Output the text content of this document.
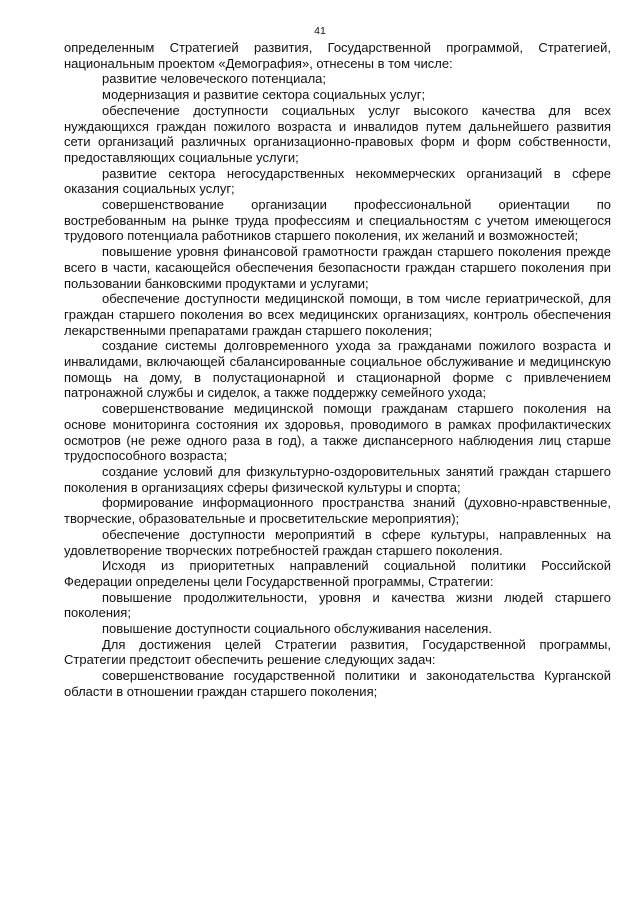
41

определенным Стратегией развития, Государственной программой, Стратегией, национальным проектом «Демография», отнесены в том числе:

развитие человеческого потенциала;

модернизация и развитие сектора социальных услуг;

обеспечение доступности социальных услуг высокого качества для всех нуждающихся граждан пожилого возраста и инвалидов путем дальнейшего развития сети организаций различных организационно-правовых форм и форм собственности, предоставляющих социальные услуги;

развитие сектора негосударственных некоммерческих организаций в сфере оказания социальных услуг;

совершенствование организации профессиональной ориентации по востребованным на рынке труда профессиям и специальностям с учетом имеющегося трудового потенциала работников старшего поколения, их желаний и возможностей;

повышение уровня финансовой грамотности граждан старшего поколения прежде всего в части, касающейся обеспечения безопасности граждан старшего поколения при пользовании банковскими продуктами и услугами;

обеспечение доступности медицинской помощи, в том числе гериатрической, для граждан старшего поколения во всех медицинских организациях, контроль обеспечения лекарственными препаратами граждан старшего поколения;

создание системы долговременного ухода за гражданами пожилого возраста и инвалидами, включающей сбалансированные социальное обслуживание и медицинскую помощь на дому, в полустационарной и стационарной форме с привлечением патронажной службы и сиделок, а также поддержку семейного ухода;

совершенствование медицинской помощи гражданам старшего поколения на основе мониторинга состояния их здоровья, проводимого в рамках профилактических осмотров (не реже одного раза в год), а также диспансерного наблюдения лиц старше трудоспособного возраста;

создание условий для физкультурно-оздоровительных занятий граждан старшего поколения в организациях сферы физической культуры и спорта;

формирование информационного пространства знаний (духовно-нравственные, творческие, образовательные и просветительские мероприятия);

обеспечение доступности мероприятий в сфере культуры, направленных на удовлетворение творческих потребностей граждан старшего поколения.

Исходя из приоритетных направлений социальной политики Российской Федерации определены цели Государственной программы, Стратегии:

повышение продолжительности, уровня и качества жизни людей старшего поколения;

повышение доступности социального обслуживания населения.

Для достижения целей Стратегии развития, Государственной программы, Стратегии предстоит обеспечить решение следующих задач:

совершенствование государственной политики и законодательства Курганской области в отношении граждан старшего поколения;
